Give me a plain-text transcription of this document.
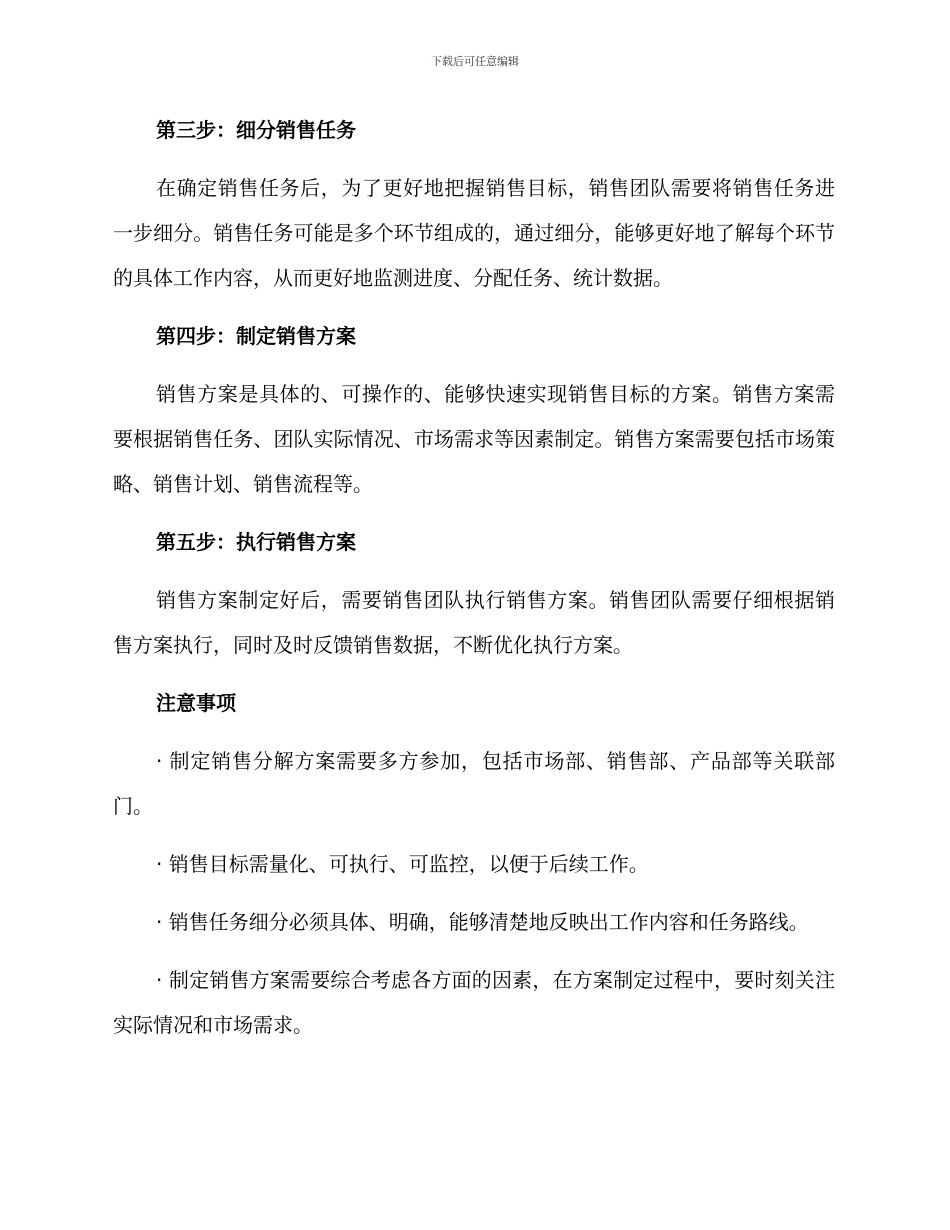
下载后可任意编辑
第三步：细分销售任务

在确定销售任务后，为了更好地把握销售目标，销售团队需要将销售任务进一步细分。销售任务可能是多个环节组成的，通过细分，能够更好地了解每个环节的具体工作内容，从而更好地监测进度、分配任务、统计数据。

第四步：制定销售方案

销售方案是具体的、可操作的、能够快速实现销售目标的方案。销售方案需要根据销售任务、团队实际情况、市场需求等因素制定。销售方案需要包括市场策略、销售计划、销售流程等。

第五步：执行销售方案

销售方案制定好后，需要销售团队执行销售方案。销售团队需要仔细根据销售方案执行，同时及时反馈销售数据，不断优化执行方案。

注意事项

· 制定销售分解方案需要多方参加，包括市场部、销售部、产品部等关联部门。

· 销售目标需量化、可执行、可监控，以便于后续工作。

· 销售任务细分必须具体、明确，能够清楚地反映出工作内容和任务路线。

· 制定销售方案需要综合考虑各方面的因素，在方案制定过程中，要时刻关注实际情况和市场需求。
